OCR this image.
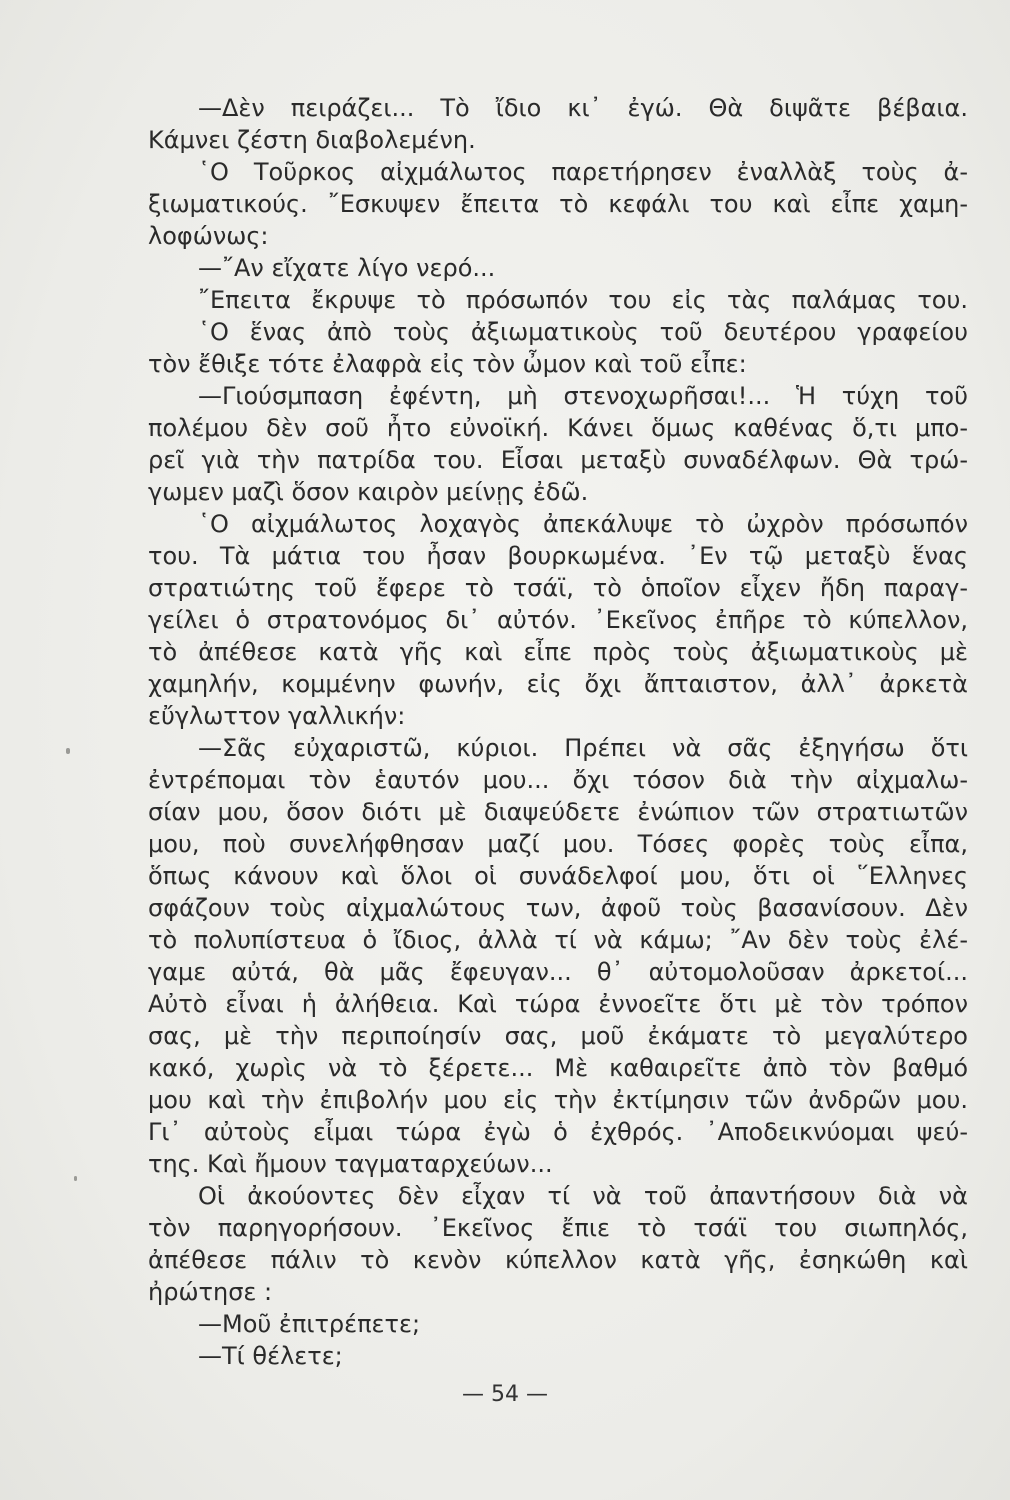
—Δὲν πειράζει... Τὸ ἴδιο κι᾿ ἐγώ. Θὰ διψᾶτε βέβαια.
Κάμνει ζέστη διαβολεμένη.
῾Ο Τοῦρκος αἰχμάλωτος παρετήρησεν ἐναλλὰξ τοὺς ἀ-
ξιωματικούς. ῎Εσκυψεν ἔπειτα τὸ κεφάλι του καὶ εἶπε χαμη-
λοφώνως:
—῎Αν εἴχατε λίγο νερό...
῎Επειτα ἔκρυψε τὸ πρόσωπόν του εἰς τὰς παλάμας του.
῾Ο ἕνας ἀπὸ τοὺς ἀξιωματικοὺς τοῦ δευτέρου γραφείου
τὸν ἔθιξε τότε ἐλαφρὰ εἰς τὸν ὦμον καὶ τοῦ εἶπε:
—Γιούσμπαση ἐφέντη, μὴ στενοχωρῆσαι!... Ἡ τύχη τοῦ
πολέμου δὲν σοῦ ἦτο εὐνοϊκή. Κάνει ὅμως καθένας ὅ,τι μπο-
ρεῖ γιὰ τὴν πατρίδα του. Εἶσαι μεταξὺ συναδέλφων. Θὰ τρώ-
γωμεν μαζὶ ὅσον καιρὸν μείνῃς ἐδῶ.
῾Ο αἰχμάλωτος λοχαγὸς ἀπεκάλυψε τὸ ὠχρὸν πρόσωπόν
του. Τὰ μάτια του ἦσαν βουρκωμένα. ᾿Εν τῷ μεταξὺ ἕνας
στρατιώτης τοῦ ἔφερε τὸ τσάϊ, τὸ ὁποῖον εἶχεν ἤδη παραγ-
γείλει ὁ στρατονόμος δι᾿ αὐτόν. ᾿Εκεῖνος ἐπῆρε τὸ κύπελλον,
τὸ ἀπέθεσε κατὰ γῆς καὶ εἶπε πρὸς τοὺς ἀξιωματικοὺς μὲ
χαμηλήν, κομμένην φωνήν, εἰς ὄχι ἄπταιστον, ἀλλ᾿ ἀρκετὰ
εὔγλωττον γαλλικήν:
—Σᾶς εὐχαριστῶ, κύριοι. Πρέπει νὰ σᾶς ἐξηγήσω ὅτι
ἐντρέπομαι τὸν ἑαυτόν μου... ὄχι τόσον διὰ τὴν αἰχμαλω-
σίαν μου, ὅσον διότι μὲ διαψεύδετε ἐνώπιον τῶν στρατιωτῶν
μου, ποὺ συνελήφθησαν μαζί μου. Τόσες φορὲς τοὺς εἶπα,
ὅπως κάνουν καὶ ὅλοι οἱ συνάδελφοί μου, ὅτι οἱ ῞Ελληνες
σφάζουν τοὺς αἰχμαλώτους των, ἀφοῦ τοὺς βασανίσουν. Δὲν
τὸ πολυπίστευα ὁ ἴδιος, ἀλλὰ τί νὰ κάμω; ῎Αν δὲν τοὺς ἐλέ-
γαμε αὐτά, θὰ μᾶς ἔφευγαν... θ᾿ αὐτομολοῦσαν ἀρκετοί...
Αὐτὸ εἶναι ἡ ἀλήθεια. Καὶ τώρα ἐννοεῖτε ὅτι μὲ τὸν τρόπον
σας, μὲ τὴν περιποίησίν σας, μοῦ ἐκάματε τὸ μεγαλύτερο
κακό, χωρὶς νὰ τὸ ξέρετε... Μὲ καθαιρεῖτε ἀπὸ τὸν βαθμό
μου καὶ τὴν ἐπιβολήν μου εἰς τὴν ἐκτίμησιν τῶν ἀνδρῶν μου.
Γι᾿ αὐτοὺς εἶμαι τώρα ἐγὼ ὁ ἐχθρός. ᾿Αποδεικνύομαι ψεύ-
της. Καὶ ἤμουν ταγματαρχεύων...
Οἱ ἀκούοντες δὲν εἶχαν τί νὰ τοῦ ἀπαντήσουν διὰ νὰ
τὸν παρηγορήσουν. ᾿Εκεῖνος ἔπιε τὸ τσάϊ του σιωπηλός,
ἀπέθεσε πάλιν τὸ κενὸν κύπελλον κατὰ γῆς, ἐσηκώθη καὶ
ἠρώτησε :
—Μοῦ ἐπιτρέπετε;
—Τί θέλετε;
— 54 —
